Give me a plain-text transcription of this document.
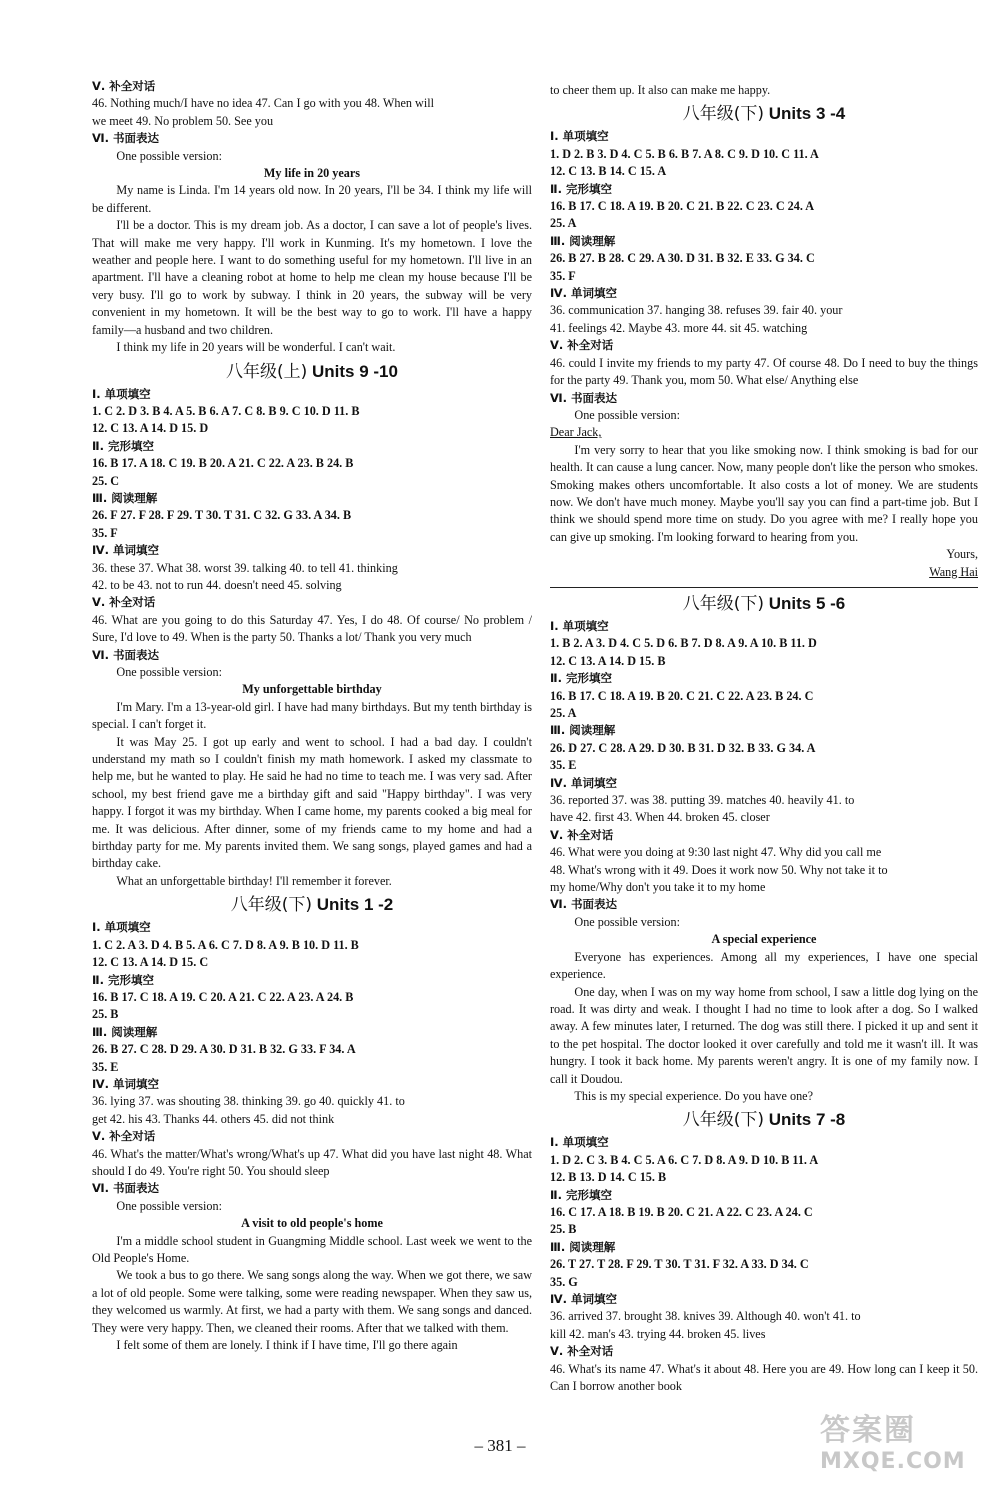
Ⅴ. 补全对话

46. Nothing much/I have no idea 47. Can I go with you 48. When will

we meet 49. No problem 50. See you

Ⅵ. 书面表达

One possible version:

My life in 20 years

My name is Linda. I'm 14 years old now. In 20 years, I'll be 34. I think my life will be different.

I'll be a doctor. This is my dream job. As a doctor, I can save a lot of people's lives. That will make me very happy. I'll work in Kunming. It's my hometown. I love the weather and people here. I want to do something useful for my hometown. I'll live in an apartment. I'll have a cleaning robot at home to help me clean my house because I'll be very busy. I'll go to work by subway. I think in 20 years, the subway will be very convenient in my hometown. It will be the best way to go to work. I'll have a happy family—a husband and two children.

I think my life in 20 years will be wonderful. I can't wait.

八年级(上) Units 9 -10

Ⅰ. 单项填空

1. C 2. D 3. B 4. A 5. B 6. A 7. C 8. B 9. C 10. D 11. B

12. C 13. A 14. D 15. D

Ⅱ. 完形填空

16. B 17. A 18. C 19. B 20. A 21. C 22. A 23. B 24. B

25. C

Ⅲ. 阅读理解

26. F 27. F 28. F 29. T 30. T 31. C 32. G 33. A 34. B

35. F

Ⅳ. 单词填空

36. these 37. What 38. worst 39. talking 40. to tell 41. thinking

42. to be 43. not to run 44. doesn't need 45. solving

Ⅴ. 补全对话

46. What are you going to do this Saturday 47. Yes, I do 48. Of course/ No problem / Sure, I'd love to 49. When is the party 50. Thanks a lot/ Thank you very much

Ⅵ. 书面表达

One possible version:

My unforgettable birthday

I'm Mary. I'm a 13-year-old girl. I have had many birthdays. But my tenth birthday is special. I can't forget it.

It was May 25. I got up early and went to school. I had a bad day. I couldn't understand my math so I couldn't finish my math homework. I asked my classmate to help me, but he wanted to play. He said he had no time to teach me. I was very sad. After school, my best friend gave me a birthday gift and said "Happy birthday". I was very happy. I forgot it was my birthday. When I came home, my parents cooked a big meal for me. It was delicious. After dinner, some of my friends came to my home and had a birthday party for me. My parents invited them. We sang songs, played games and had a birthday cake.

What an unforgettable birthday! I'll remember it forever.

八年级(下) Units 1 -2

Ⅰ. 单项填空

1. C 2. A 3. D 4. B 5. A 6. C 7. D 8. A 9. B 10. D 11. B

12. C 13. A 14. D 15. C

Ⅱ. 完形填空

16. B 17. C 18. A 19. C 20. A 21. C 22. A 23. A 24. B

25. B

Ⅲ. 阅读理解

26. B 27. C 28. D 29. A 30. D 31. B 32. G 33. F 34. A

35. E

Ⅳ. 单词填空

36. lying 37. was shouting 38. thinking 39. go 40. quickly 41. to

get 42. his 43. Thanks 44. others 45. did not think

Ⅴ. 补全对话

46. What's the matter/What's wrong/What's up 47. What did you have last night 48. What should I do 49. You're right 50. You should sleep

Ⅵ. 书面表达

One possible version:

A visit to old people's home

I'm a middle school student in Guangming Middle school. Last week we went to the Old People's Home.

We took a bus to go there. We sang songs along the way. When we got there, we saw a lot of old people. Some were talking, some were reading newspaper. When they saw us, they welcomed us warmly. At first, we had a party with them. We sang songs and danced. They were very happy. Then, we cleaned their rooms. After that we talked with them.

I felt some of them are lonely. I think if I have time, I'll go there again

to cheer them up. It also can make me happy.

八年级(下) Units 3 -4

Ⅰ. 单项填空

1. D 2. B 3. D 4. C 5. B 6. B 7. A 8. C 9. D 10. C 11. A

12. C 13. B 14. C 15. A

Ⅱ. 完形填空

16. B 17. C 18. A 19. B 20. C 21. B 22. C 23. C 24. A

25. A

Ⅲ. 阅读理解

26. B 27. B 28. C 29. A 30. D 31. B 32. E 33. G 34. C

35. F

Ⅳ. 单词填空

36. communication 37. hanging 38. refuses 39. fair 40. your

41. feelings 42. Maybe 43. more 44. sit 45. watching

Ⅴ. 补全对话

46. could I invite my friends to my party 47. Of course 48. Do I need to buy the things for the party 49. Thank you, mom 50. What else/ Anything else

Ⅵ. 书面表达

One possible version:

Dear Jack,

I'm very sorry to hear that you like smoking now. I think smoking is bad for our health. It can cause a lung cancer. Now, many people don't like the person who smokes. Smoking makes others uncomfortable. It also costs a lot of money. We are students now. We don't have much money. Maybe you'll say you can find a part-time job. But I think we should spend more time on study. Do you agree with me? I really hope you can give up smoking. I'm looking forward to hearing from you.

Yours,

Wang Hai

八年级(下) Units 5 -6

Ⅰ. 单项填空

1. B 2. A 3. D 4. C 5. D 6. B 7. D 8. A 9. A 10. B 11. D

12. C 13. A 14. D 15. B

Ⅱ. 完形填空

16. B 17. C 18. A 19. B 20. C 21. C 22. A 23. B 24. C

25. A

Ⅲ. 阅读理解

26. D 27. C 28. A 29. D 30. B 31. D 32. B 33. G 34. A

35. E

Ⅳ. 单词填空

36. reported 37. was 38. putting 39. matches 40. heavily 41. to

have 42. first 43. When 44. broken 45. closer

Ⅴ. 补全对话

46. What were you doing at 9:30 last night 47. Why did you call me

48. What's wrong with it 49. Does it work now 50. Why not take it to

my home/Why don't you take it to my home

Ⅵ. 书面表达

One possible version:

A special experience

Everyone has experiences. Among all my experiences, I have one special experience.

One day, when I was on my way home from school, I saw a little dog lying on the road. It was dirty and weak. I thought I had no time to look after a dog. So I walked away. A few minutes later, I returned. The dog was still there. I picked it up and sent it to the pet hospital. The doctor looked it over carefully and told me it wasn't ill. It was hungry. I took it back home. My parents weren't angry. It is one of my family now. I call it Doudou.

This is my special experience. Do you have one?

八年级(下) Units 7 -8

Ⅰ. 单项填空

1. D 2. C 3. B 4. C 5. A 6. C 7. D 8. A 9. D 10. B 11. A

12. B 13. D 14. C 15. B

Ⅱ. 完形填空

16. C 17. A 18. B 19. B 20. C 21. A 22. C 23. A 24. C

25. B

Ⅲ. 阅读理解

26. T 27. T 28. F 29. T 30. T 31. F 32. A 33. D 34. C

35. G

Ⅳ. 单词填空

36. arrived 37. brought 38. knives 39. Although 40. won't 41. to

kill 42. man's 43. trying 44. broken 45. lives

Ⅴ. 补全对话

46. What's its name 47. What's it about 48. Here you are 49. How long can I keep it 50. Can I borrow another book

– 381 –	答案圈
MXQE.COM
